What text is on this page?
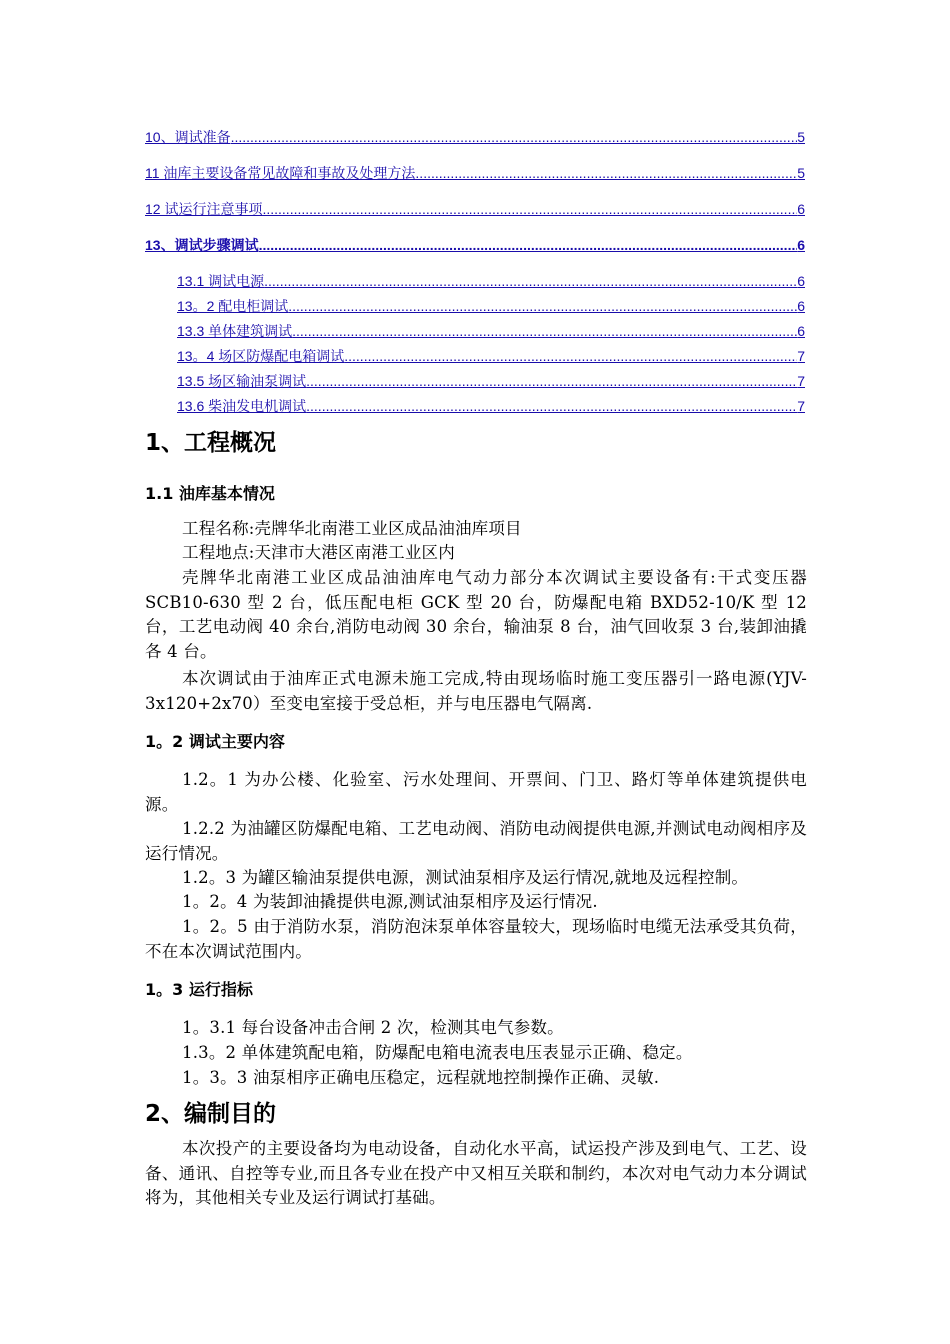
10、调试准备 .....	5
11 油库主要设备常见故障和事故及处理方法 .....	5
12 试运行注意事项 .....	6
13、调试步骤调试 .....	6
13.1 调试电源 .....	6
13。2 配电柜调试 .....	6
13.3 单体建筑调试 .....	6
13。4 场区防爆配电箱调试 .....	7
13.5 场区输油泵调试 .....	7
13.6 柴油发电机调试 .....	7
1、工程概况
1.1 油库基本情况
工程名称:壳牌华北南港工业区成品油油库项目
工程地点:天津市大港区南港工业区内
壳牌华北南港工业区成品油油库电气动力部分本次调试主要设备有:干式变压器 SCB10-630 型 2 台，低压配电柜 GCK 型 20 台，防爆配电箱 BXD52-10/K 型 12 台，工艺电动阀 40 余台,消防电动阀 30 余台，输油泵 8 台，油气回收泵 3 台,装卸油撬各 4 台。
本次调试由于油库正式电源未施工完成,特由现场临时施工变压器引一路电源(YJV-3x120+2x70）至变电室接于受总柜，并与电压器电气隔离.
1。2 调试主要内容
1.2。1 为办公楼、化验室、污水处理间、开票间、门卫、路灯等单体建筑提供电源。
1.2.2 为油罐区防爆配电箱、工艺电动阀、消防电动阀提供电源,并测试电动阀相序及运行情况。
1.2。3 为罐区输油泵提供电源，测试油泵相序及运行情况,就地及远程控制。
1。2。4 为装卸油撬提供电源,测试油泵相序及运行情况.
1。2。5 由于消防水泵，消防泡沫泵单体容量较大，现场临时电缆无法承受其负荷，不在本次调试范围内。
1。3 运行指标
1。3.1 每台设备冲击合闸 2 次，检测其电气参数。
1.3。2 单体建筑配电箱，防爆配电箱电流表电压表显示正确、稳定。
1。3。3 油泵相序正确电压稳定，远程就地控制操作正确、灵敏.
2、编制目的
本次投产的主要设备均为电动设备，自动化水平高，试运投产涉及到电气、工艺、设备、通讯、自控等专业,而且各专业在投产中又相互关联和制约，本次对电气动力本分调试将为，其他相关专业及运行调试打基础。
